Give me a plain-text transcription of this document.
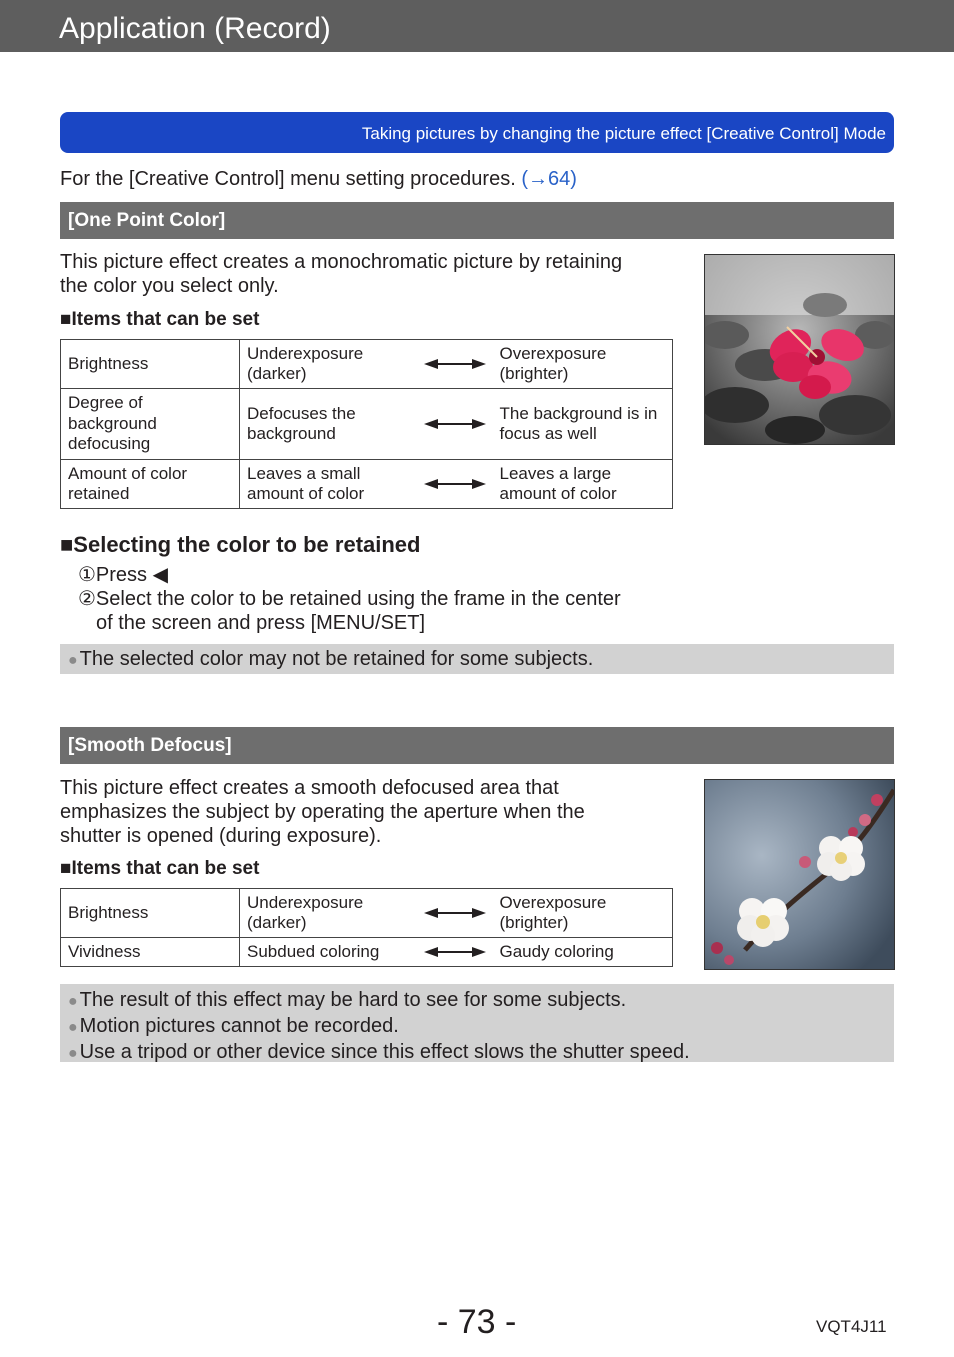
Application (Record)
Taking pictures by changing the picture effect [Creative Control] Mode
For the [Creative Control] menu setting procedures. (→64)
[One Point Color]
This picture effect creates a monochromatic picture by retaining
the color you select only.
■Items that can be set
Brightness	Underexposure (darker)		Overexposure (brighter)
Degree of background defocusing	Defocuses the background		The background is in focus as well
Amount of color retained	Leaves a small amount of color		Leaves a large amount of color
■Selecting the color to be retained
①Press ◀
②Select the color to be retained using the frame in the center
of the screen and press [MENU/SET]
● The selected color may not be retained for some subjects.
[Smooth Defocus]
This picture effect creates a smooth defocused area that
emphasizes the subject by operating the aperture when the
shutter is opened (during exposure).
■Items that can be set
Brightness	Underexposure (darker)		Overexposure (brighter)
Vividness	Subdued coloring		Gaudy coloring
● The result of this effect may be hard to see for some subjects.
● Motion pictures cannot be recorded.
● Use a tripod or other device since this effect slows the shutter speed.
- 73 -	VQT4J11
